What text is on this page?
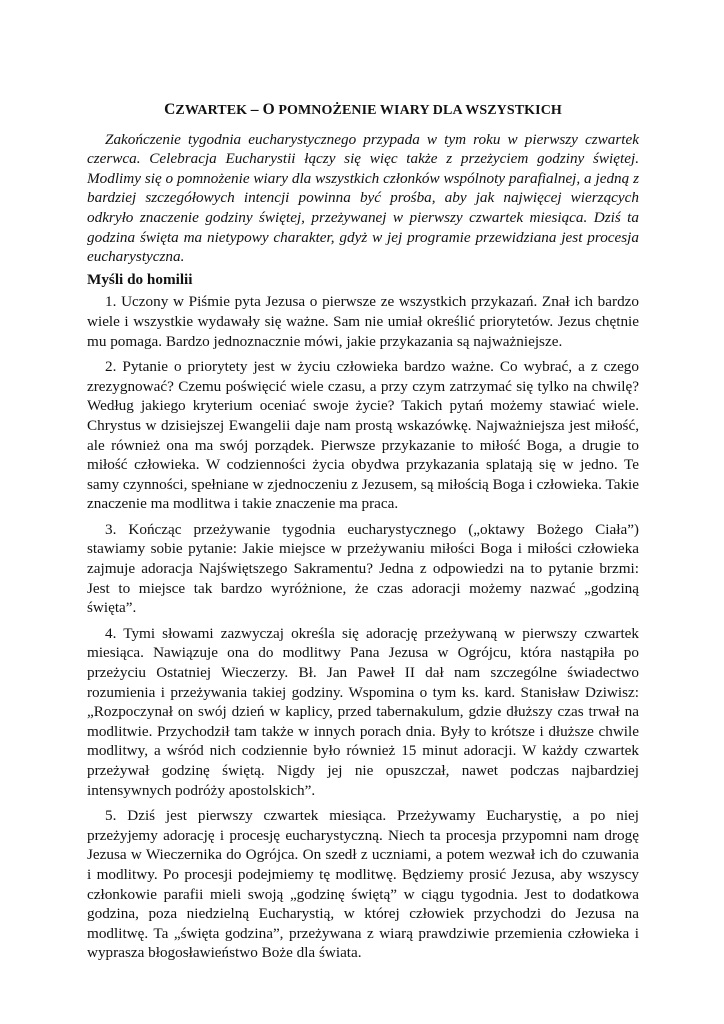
CZWARTEK – O POMNOŻENIE WIARY DLA WSZYSTKICH

Zakończenie tygodnia eucharystycznego przypada w tym roku w pierwszy czwartek czerwca. Celebracja Eucharystii łączy się więc także z przeżyciem godziny świętej. Modlimy się o pomnożenie wiary dla wszystkich członków wspólnoty parafialnej, a jedną z bardziej szczegółowych intencji powinna być prośba, aby jak najwięcej wierzących odkryło znaczenie godziny świętej, przeżywanej w pierwszy czwartek miesiąca. Dziś ta godzina święta ma nietypowy charakter, gdyż w jej programie przewidziana jest procesja eucharystyczna.

Myśli do homilii

1. Uczony w Piśmie pyta Jezusa o pierwsze ze wszystkich przykazań. Znał ich bardzo wiele i wszystkie wydawały się ważne. Sam nie umiał określić priorytetów. Jezus chętnie mu pomaga. Bardzo jednoznacznie mówi, jakie przykazania są najważniejsze.

2. Pytanie o priorytety jest w życiu człowieka bardzo ważne. Co wybrać, a z czego zrezygnować? Czemu poświęcić wiele czasu, a przy czym zatrzymać się tylko na chwilę? Według jakiego kryterium oceniać swoje życie? Takich pytań możemy stawiać wiele. Chrystus w dzisiejszej Ewangelii daje nam prostą wskazówkę. Najważniejsza jest miłość, ale również ona ma swój porządek. Pierwsze przykazanie to miłość Boga, a drugie to miłość człowieka. W codzienności życia obydwa przykazania splatają się w jedno. Te samy czynności, spełniane w zjednoczeniu z Jezusem, są miłością Boga i człowieka. Takie znaczenie ma modlitwa i takie znaczenie ma praca.

3. Kończąc przeżywanie tygodnia eucharystycznego („oktawy Bożego Ciała”) stawiamy sobie pytanie: Jakie miejsce w przeżywaniu miłości Boga i miłości człowieka zajmuje adoracja Najświętszego Sakramentu? Jedna z odpowiedzi na to pytanie brzmi: Jest to miejsce tak bardzo wyróżnione, że czas adoracji możemy nazwać „godziną święta”.

4. Tymi słowami zazwyczaj określa się adorację przeżywaną w pierwszy czwartek miesiąca. Nawiązuje ona do modlitwy Pana Jezusa w Ogrójcu, która nastąpiła po przeżyciu Ostatniej Wieczerzy. Bł. Jan Paweł II dał nam szczególne świadectwo rozumienia i przeżywania takiej godziny. Wspomina o tym ks. kard. Stanisław Dziwisz: „Rozpoczynał on swój dzień w kaplicy, przed tabernakulum, gdzie dłuższy czas trwał na modlitwie. Przychodził tam także w innych porach dnia. Były to krótsze i dłuższe chwile modlitwy, a wśród nich codziennie było również 15 minut adoracji. W każdy czwartek przeżywał godzinę świętą. Nigdy jej nie opuszczał, nawet podczas najbardziej intensywnych podróży apostolskich”.

5. Dziś jest pierwszy czwartek miesiąca. Przeżywamy Eucharystię, a po niej przeżyjemy adorację i procesję eucharystyczną. Niech ta procesja przypomni nam drogę Jezusa w Wieczernika do Ogrójca. On szedł z uczniami, a potem wezwał ich do czuwania i modlitwy. Po procesji podejmiemy tę modlitwę. Będziemy prosić Jezusa, aby wszyscy członkowie parafii mieli swoją „godzinę świętą” w ciągu tygodnia. Jest to dodatkowa godzina, poza niedzielną Eucharystią, w której człowiek przychodzi do Jezusa na modlitwę. Ta „święta godzina”, przeżywana z wiarą prawdziwie przemienia człowieka i wyprasza błogosławieństwo Boże dla świata.
